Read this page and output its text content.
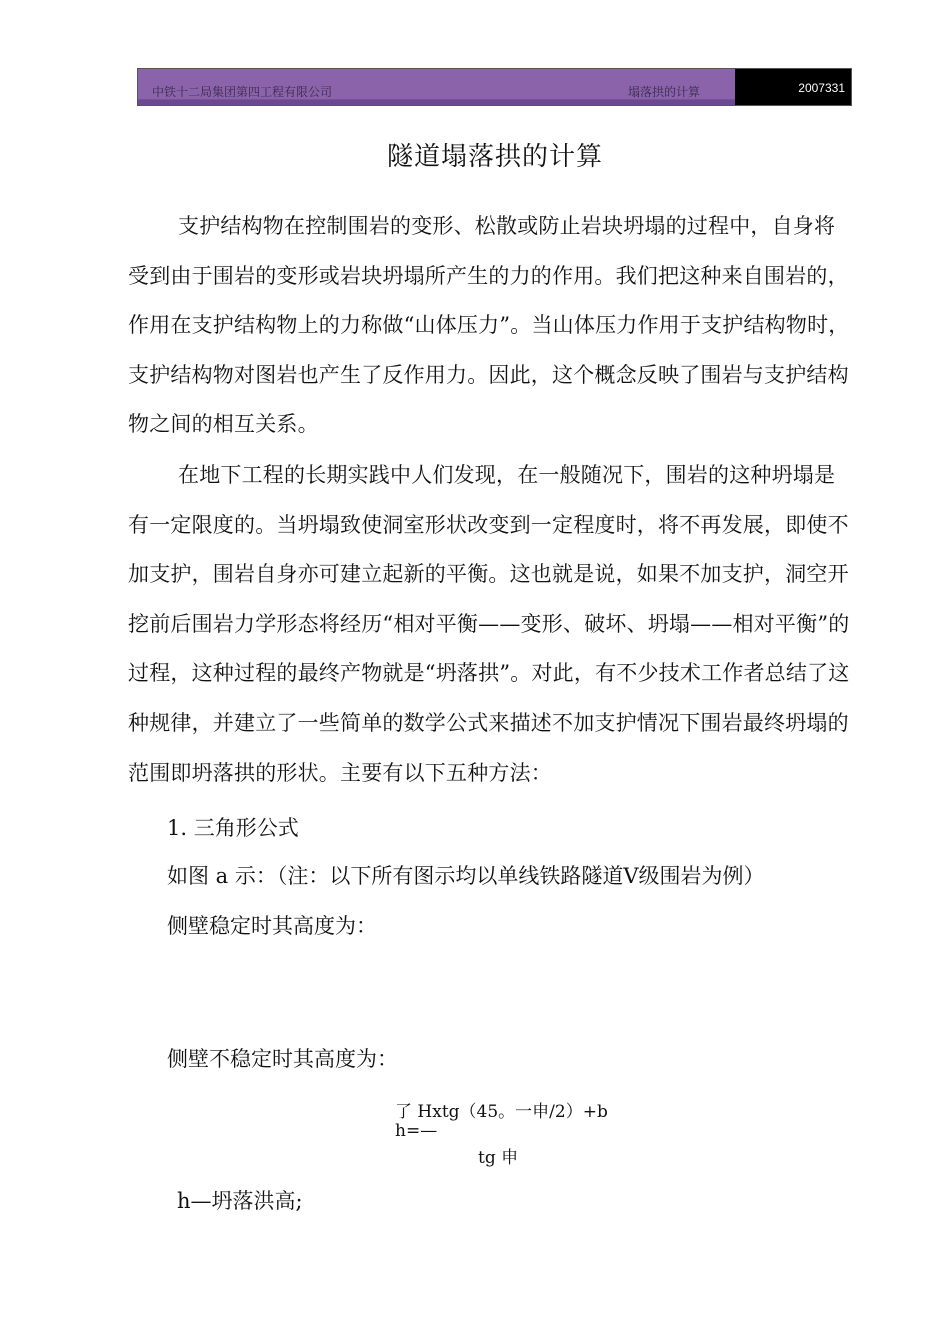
中铁十二局集团第四工程有限公司	塌落拱的计算	2007331
隧道塌落拱的计算

支护结构物在控制围岩的变形、松散或防止岩块坍塌的过程中，自身将受到由于围岩的变形或岩块坍塌所产生的力的作用。我们把这种来自围岩的，作用在支护结构物上的力称做“山体压力”。当山体压力作用于支护结构物时，支护结构物对图岩也产生了反作用力。因此，这个概念反映了围岩与支护结构物之间的相互关系。

在地下工程的长期实践中人们发现，在一般随况下，围岩的这种坍塌是有一定限度的。当坍塌致使洞室形状改变到一定程度时，将不再发展，即使不加支护，围岩自身亦可建立起新的平衡。这也就是说，如果不加支护，洞空开挖前后围岩力学形态将经历“相对平衡——变形、破坏、坍塌——相对平衡”的过程，这种过程的最终产物就是“坍落拱”。对此，有不少技术工作者总结了这种规律，并建立了一些简单的数学公式来描述不加支护情况下围岩最终坍塌的范围即坍落拱的形状。主要有以下五种方法：

1. 三角形公式
如图 a 示：（注：以下所有图示均以单线铁路隧道Ⅴ级围岩为例）
侧壁稳定时其高度为：
侧壁不稳定时其高度为：
了 Hxtg（45。一申/2）+b
h=—
tg 申
h—坍落洪高;
